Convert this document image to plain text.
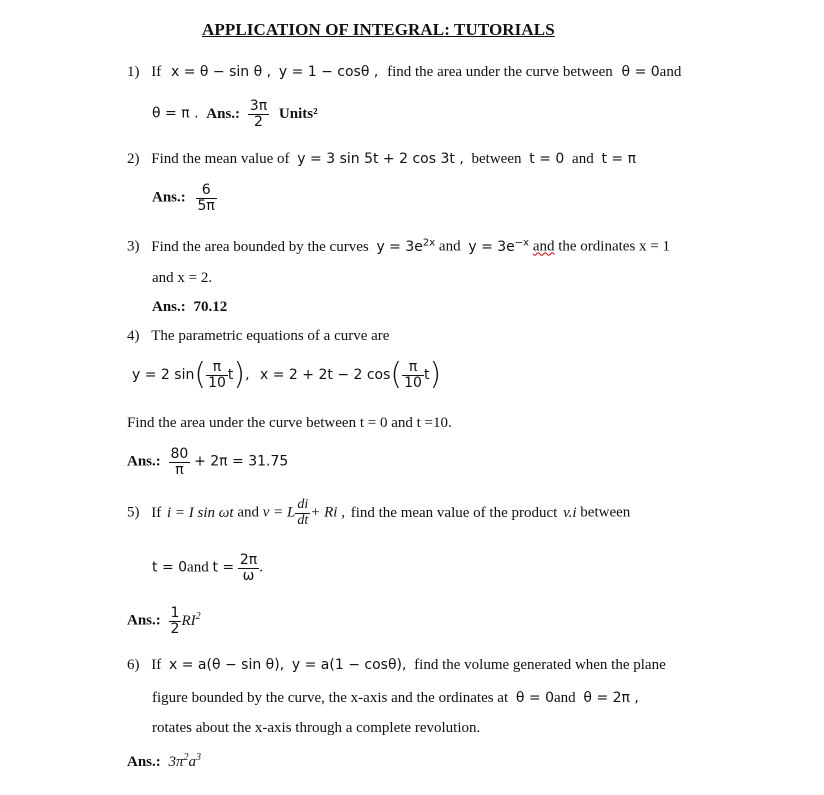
APPLICATION OF INTEGRAL: TUTORIALS
1) If x = θ − sin θ , y = 1 − cosθ , find the area under the curve between θ = 0and
θ = π . Ans.: $\frac{3\pi}{2}$ Units²
2) Find the mean value of y = 3 sin 5t + 2 cos 3t , between t = 0 and t = π
Ans.: $\frac{6}{5\pi}$
3) Find the area bounded by the curves $y = 3e^{2x}$ and $y = 3e^{-x}$ and the ordinates x = 1
and x = 2.
Ans.: 70.12
4) The parametric equations of a curve are
y = 2 $\sin( \frac{\pi}{10} t)$, x = 2 + 2t − 2 $\cos( \frac{\pi}{10} t)$
Find the area under the curve between t = 0 and t =10.
Ans.: $\frac{80}{\pi} + 2\pi = 31.75$
5) If i = I sin ωt and v = L $\frac{di}{dt} + Ri$ , find the mean value of the product v.i between
t = 0and $t = \frac{2\pi}{\omega}$ .
Ans.: $\frac{1}{2} RI^2$
6) If x = a(θ − sin θ), y = a(1 − cosθ), find the volume generated when the plane
figure bounded by the curve, the x-axis and the ordinates at θ = 0and θ = 2π ,
rotates about the x-axis through a complete revolution.
Ans.: $3\pi^2a^3$
